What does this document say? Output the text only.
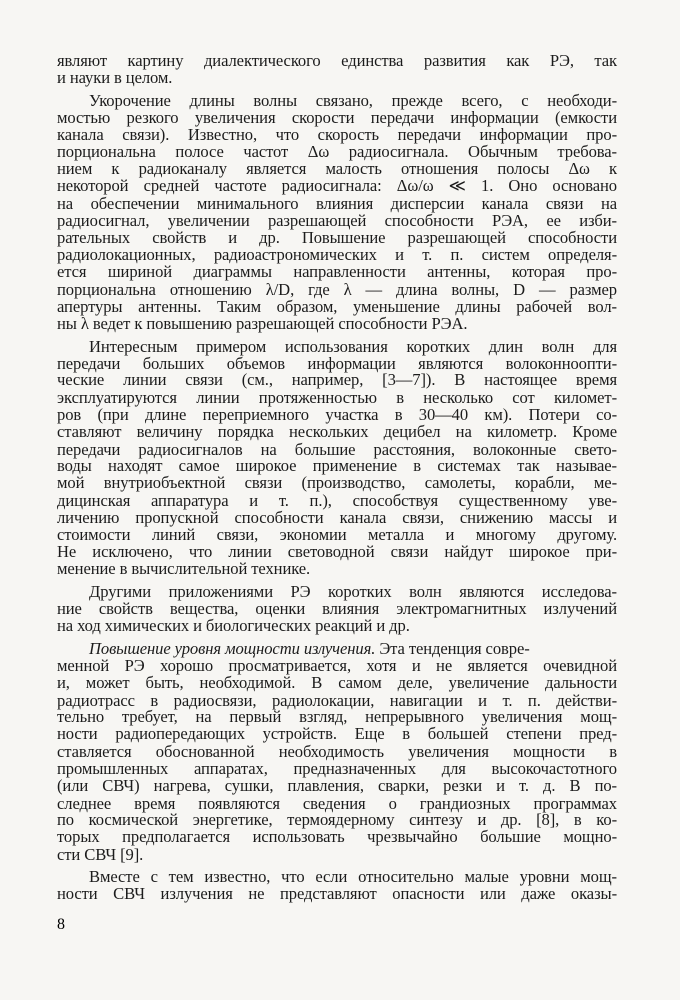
являют картину диалектического единства развития как РЭ, так
и науки в целом.
Укорочение длины волны связано, прежде всего, с необходи-
мостью резкого увеличения скорости передачи информации (емкости
канала связи). Известно, что скорость передачи информации про-
порциональна полосе частот Δω радиосигнала. Обычным требова-
нием к радиоканалу является малость отношения полосы Δω к
некоторой средней частоте радиосигнала: Δω/ω ≪ 1. Оно основано
на обеспечении минимального влияния дисперсии канала связи на
радиосигнал, увеличении разрешающей способности РЭА, ее изби-
рательных свойств и др. Повышение разрешающей способности
радиолокационных, радиоастрономических и т. п. систем определя-
ется шириной диаграммы направленности антенны, которая про-
порциональна отношению λ/D, где λ — длина волны, D — размер
апертуры антенны. Таким образом, уменьшение длины рабочей вол-
ны λ ведет к повышению разрешающей способности РЭА.
Интересным примером использования коротких длин волн для
передачи больших объемов информации являются волоконноопти-
ческие линии связи (см., например, [3—7]). В настоящее время
эксплуатируются линии протяженностью в несколько сот километ-
ров (при длине переприемного участка в 30—40 км). Потери со-
ставляют величину порядка нескольких децибел на километр. Кроме
передачи радиосигналов на большие расстояния, волоконные свето-
воды находят самое широкое применение в системах так называе-
мой внутриобъектной связи (производство, самолеты, корабли, ме-
дицинская аппаратура и т. п.), способствуя существенному уве-
личению пропускной способности канала связи, снижению массы и
стоимости линий связи, экономии металла и многому другому.
Не исключено, что линии световодной связи найдут широкое при-
менение в вычислительной технике.
Другими приложениями РЭ коротких волн являются исследова-
ние свойств вещества, оценки влияния электромагнитных излучений
на ход химических и биологических реакций и др.
Повышение уровня мощности излучения. Эта тенденция совре-
менной РЭ хорошо просматривается, хотя и не является очевидной
и, может быть, необходимой. В самом деле, увеличение дальности
радиотрасс в радиосвязи, радиолокации, навигации и т. п. действи-
тельно требует, на первый взгляд, непрерывного увеличения мощ-
ности радиопередающих устройств. Еще в большей степени пред-
ставляется обоснованной необходимость увеличения мощности в
промышленных аппаратах, предназначенных для высокочастотного
(или СВЧ) нагрева, сушки, плавления, сварки, резки и т. д. В по-
следнее время появляются сведения о грандиозных программах
по космической энергетике, термоядерному синтезу и др. [8], в ко-
торых предполагается использовать чрезвычайно большие мощно-
сти СВЧ [9].
Вместе с тем известно, что если относительно малые уровни мощ-
ности СВЧ излучения не представляют опасности или даже оказы-
8
